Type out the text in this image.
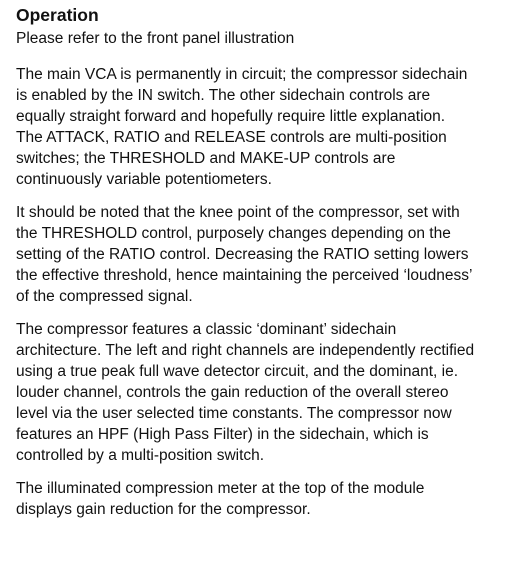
Operation

Please refer to the front panel illustration

The main VCA is permanently in circuit; the compressor sidechain
is enabled by the IN switch. The other sidechain controls are
equally straight forward and hopefully require little explanation.
The ATTACK, RATIO and RELEASE controls are multi-position
switches; the THRESHOLD and MAKE-UP controls are
continuously variable potentiometers.

It should be noted that the knee point of the compressor, set with
the THRESHOLD control, purposely changes depending on the
setting of the RATIO control. Decreasing the RATIO setting lowers
the effective threshold, hence maintaining the perceived ‘loudness’
of the compressed signal.

The compressor features a classic ‘dominant’ sidechain
architecture. The left and right channels are independently rectified
using a true peak full wave detector circuit, and the dominant, ie.
louder channel, controls the gain reduction of the overall stereo
level via the user selected time constants. The compressor now
features an HPF (High Pass Filter) in the sidechain, which is
controlled by a multi-position switch.

The illuminated compression meter at the top of the module
displays gain reduction for the compressor.
